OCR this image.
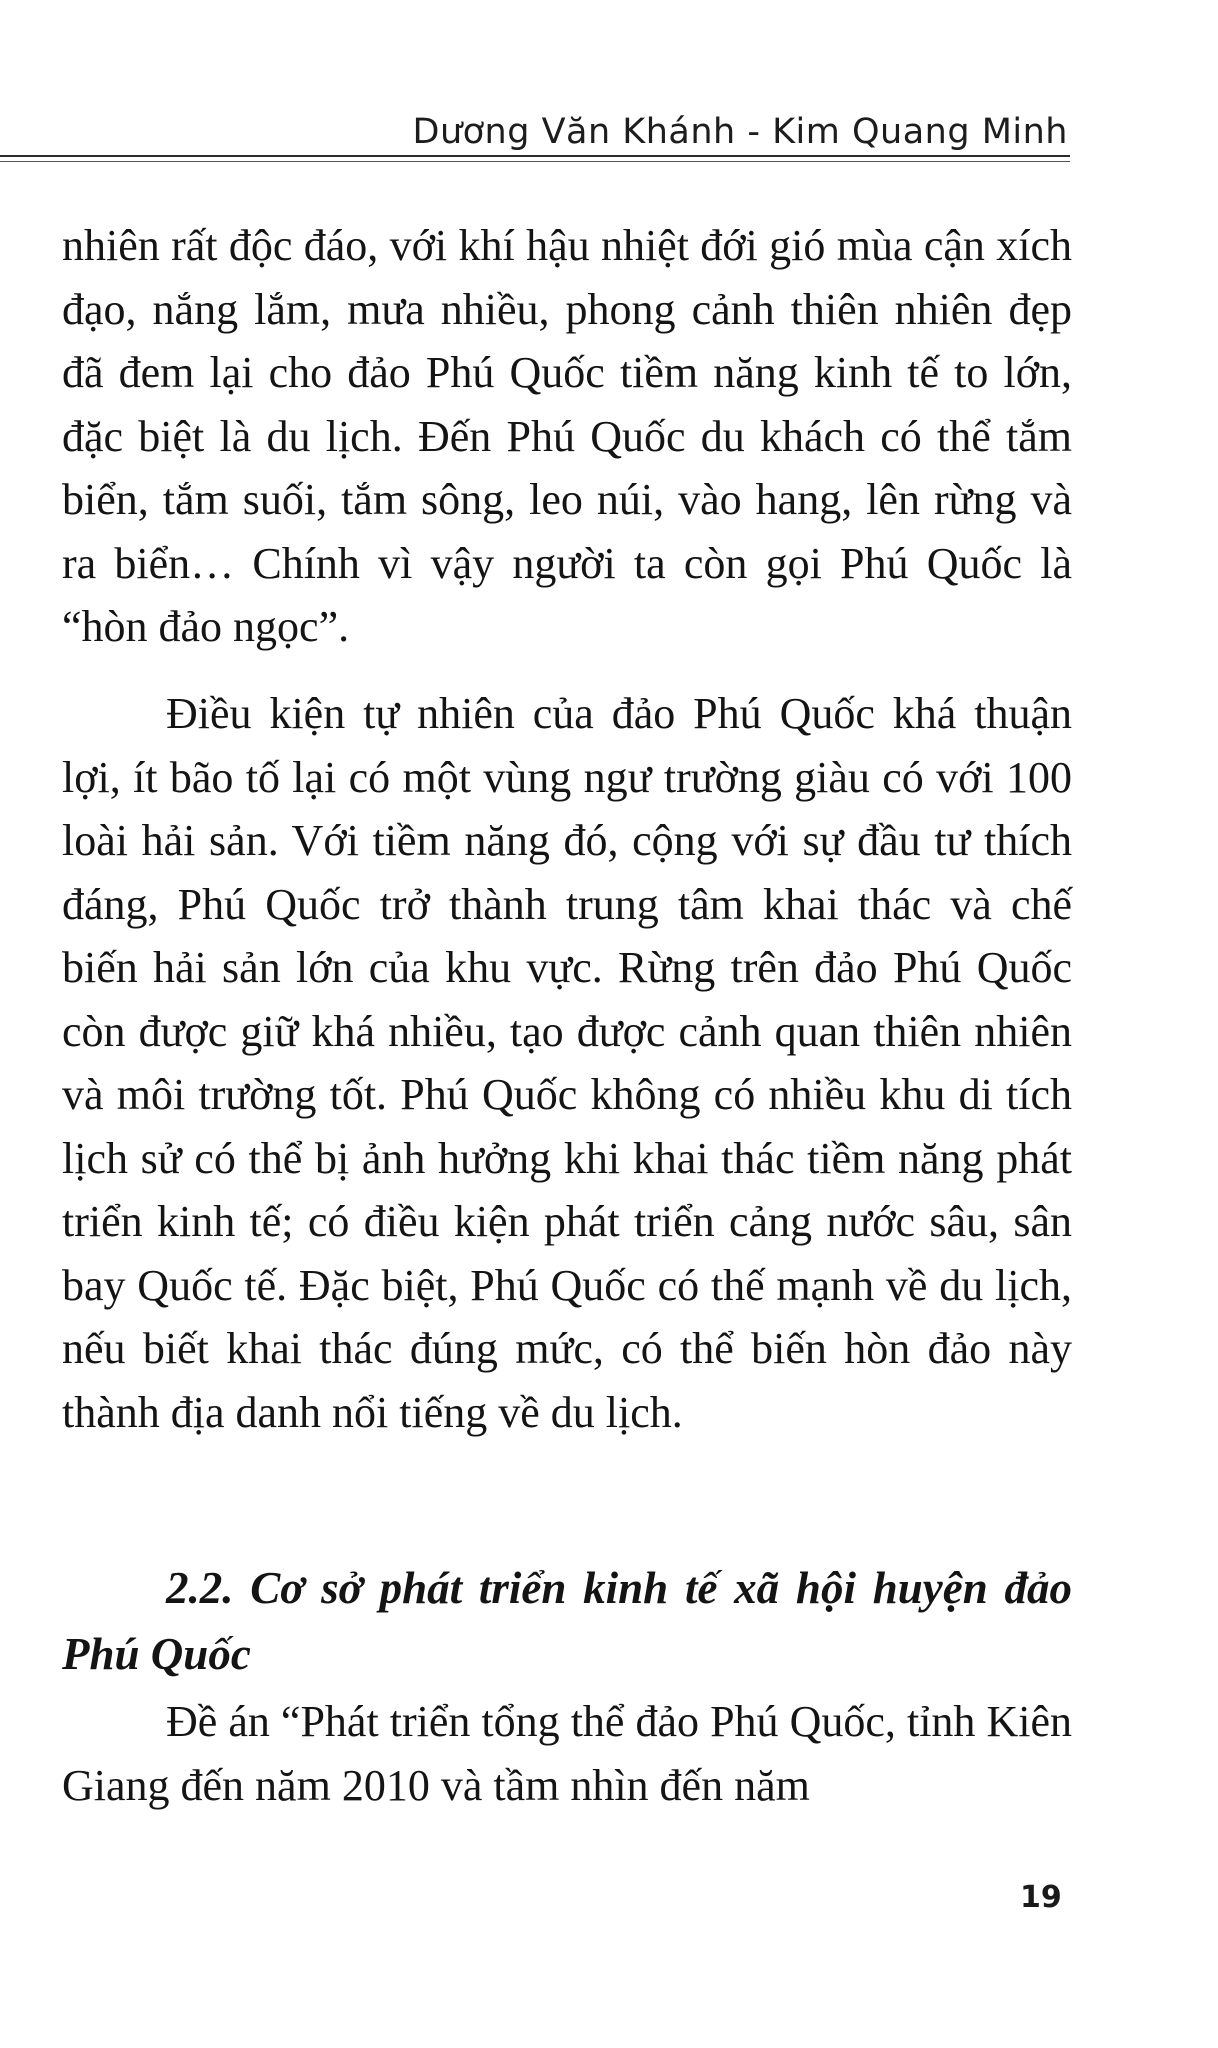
Dương Văn Khánh - Kim Quang Minh

nhiên rất độc đáo, với khí hậu nhiệt đới gió mùa cận xích đạo, nắng lắm, mưa nhiều, phong cảnh thiên nhiên đẹp đã đem lại cho đảo Phú Quốc tiềm năng kinh tế to lớn, đặc biệt là du lịch. Đến Phú Quốc du khách có thể tắm biển, tắm suối, tắm sông, leo núi, vào hang, lên rừng và ra biển… Chính vì vậy người ta còn gọi Phú Quốc là “hòn đảo ngọc”.

Điều kiện tự nhiên của đảo Phú Quốc khá thuận lợi, ít bão tố lại có một vùng ngư trường giàu có với 100 loài hải sản. Với tiềm năng đó, cộng với sự đầu tư thích đáng, Phú Quốc trở thành trung tâm khai thác và chế biến hải sản lớn của khu vực. Rừng trên đảo Phú Quốc còn được giữ khá nhiều, tạo được cảnh quan thiên nhiên và môi trường tốt. Phú Quốc không có nhiều khu di tích lịch sử có thể bị ảnh hưởng khi khai thác tiềm năng phát triển kinh tế; có điều kiện phát triển cảng nước sâu, sân bay Quốc tế. Đặc biệt, Phú Quốc có thế mạnh về du lịch, nếu biết khai thác đúng mức, có thể biến hòn đảo này thành địa danh nổi tiếng về du lịch.

2.2. Cơ sở phát triển kinh tế xã hội huyện đảo Phú Quốc

Đề án “Phát triển tổng thể đảo Phú Quốc, tỉnh Kiên Giang đến năm 2010 và tầm nhìn đến năm

19
